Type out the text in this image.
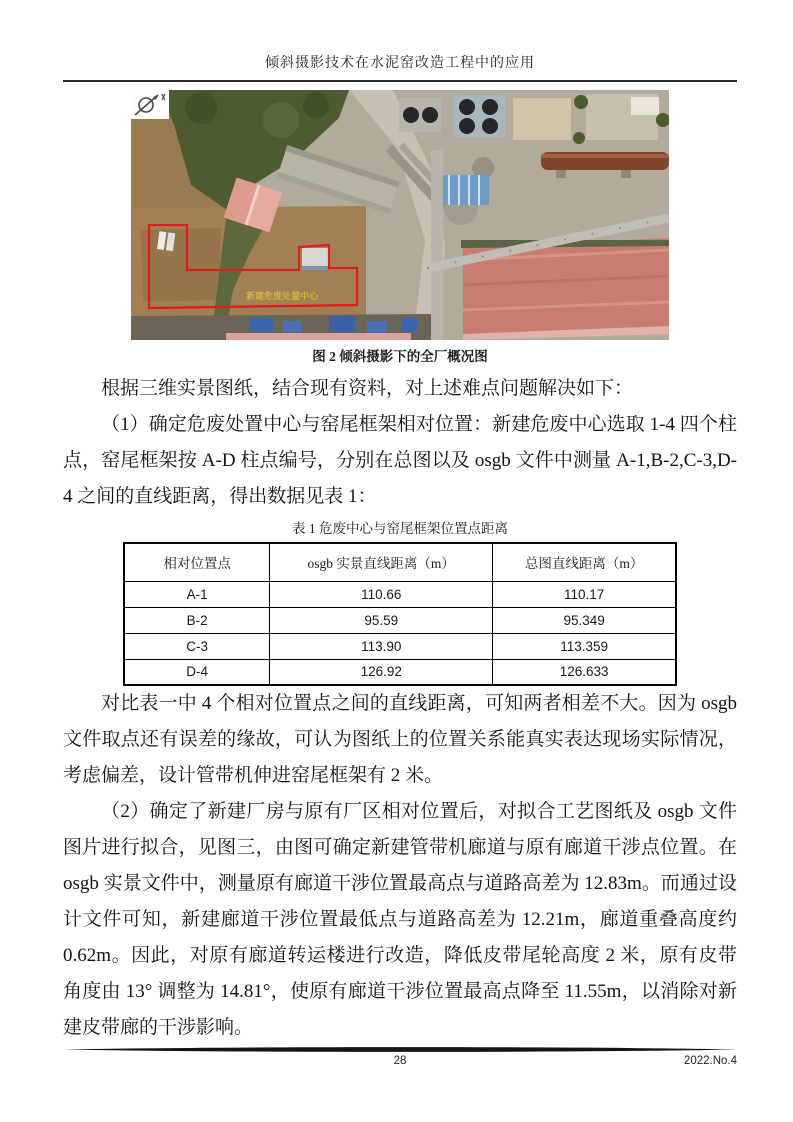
倾斜摄影技术在水泥窑改造工程中的应用
新建危废处置中心
图 2 倾斜摄影下的全厂概况图

根据三维实景图纸，结合现有资料，对上述难点问题解决如下：

（1）确定危废处置中心与窑尾框架相对位置：新建危废中心选取 1-4 四个柱点，窑尾框架按 A-D 柱点编号，分别在总图以及 osgb 文件中测量 A-1,B-2,C-3,D-4 之间的直线距离，得出数据见表 1：

表 1 危废中心与窑尾框架位置点距离
相对位置点	osgb 实景直线距离（m）	总图直线距离（m）
A-1	110.66	110.17
B-2	95.59	95.349
C-3	113.90	113.359
D-4	126.92	126.633

对比表一中 4 个相对位置点之间的直线距离，可知两者相差不大。因为 osgb 文件取点还有误差的缘故，可认为图纸上的位置关系能真实表达现场实际情况，考虑偏差，设计管带机伸进窑尾框架有 2 米。

（2）确定了新建厂房与原有厂区相对位置后，对拟合工艺图纸及 osgb 文件图片进行拟合，见图三，由图可确定新建管带机廊道与原有廊道干涉点位置。在 osgb 实景文件中，测量原有廊道干涉位置最高点与道路高差为 12.83m。而通过设计文件可知，新建廊道干涉位置最低点与道路高差为 12.21m，廊道重叠高度约 0.62m。因此，对原有廊道转运楼进行改造，降低皮带尾轮高度 2 米，原有皮带角度由 13° 调整为 14.81°，使原有廊道干涉位置最高点降至 11.55m，以消除对新建皮带廊的干涉影响。

28	2022.No.4
